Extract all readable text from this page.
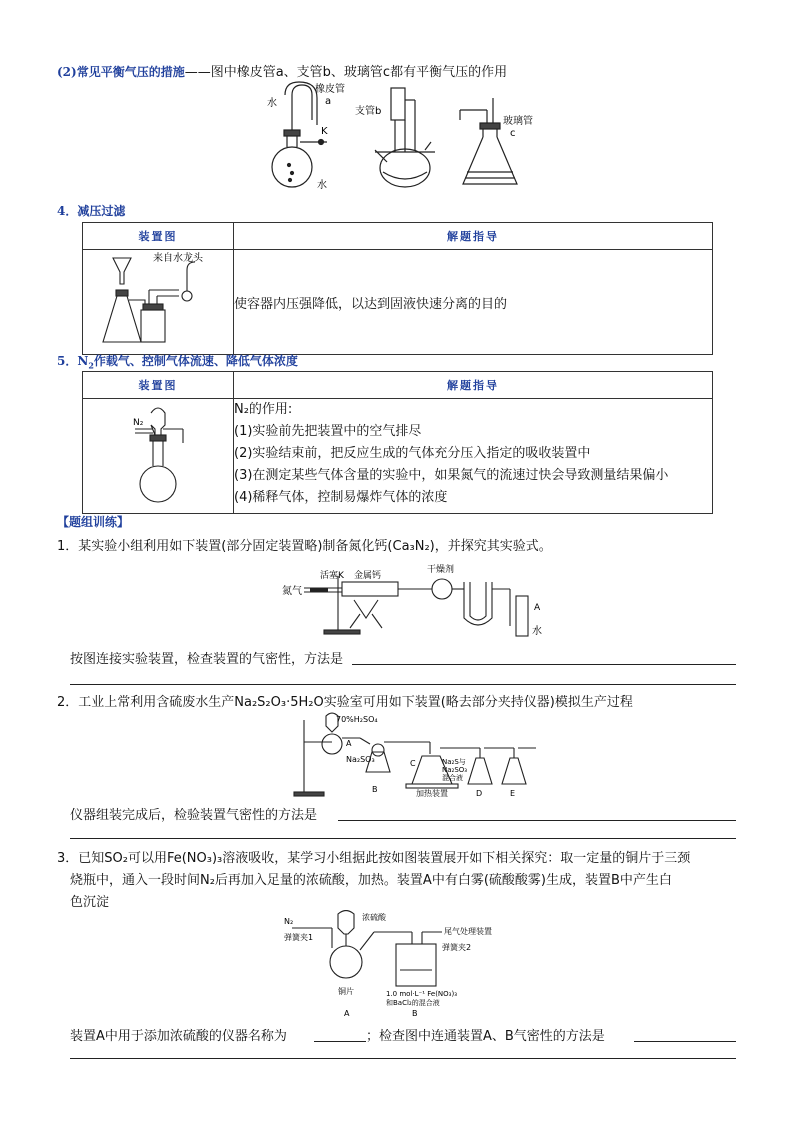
(2)常见平衡气压的措施——图中橡皮管a、支管b、玻璃管c都有平衡气压的作用
水
橡皮管
a
K
水
支管b
玻璃管
c
4．减压过滤
装置图	解题指导

来自水龙头	使容器内压强降低，以达到固液快速分离的目的
5．$N_2$作载气、控制气体流速、降低气体浓度
装置图	解题指导

N₂	N₂的作用:
(1)实验前先把装置中的空气排尽
(2)实验结束前，把反应生成的气体充分压入指定的吸收装置中
(3)在测定某些气体含量的实验中，如果氮气的流速过快会导致测量结果偏小
(4)稀释气体，控制易爆炸气体的浓度
【题组训练】
1．某实验小组利用如下装置(部分固定装置略)制备氮化钙(Ca₃N₂)，并探究其实验式。
氮气
活塞K 金属钙
干燥剂
A
水
按图连接实验装置，检查装置的气密性，方法是
2．工业上常利用含硫废水生产Na₂S₂O₃·5H₂O实验室可用如下装置(略去部分夹持仪器)模拟生产过程
70%H₂SO₄
A
Na₂SO₃
B
C
加热装置
Na₂S与
Na₂SO₃
混合液
D	E
仪器组装完成后，检验装置气密性的方法是
3．已知SO₂可以用Fe(NO₃)₃溶液吸收，某学习小组据此按如图装置展开如下相关探究：取一定量的铜片于三颈
烧瓶中，通入一段时间N₂后再加入足量的浓硫酸，加热。装置A中有白雾(硫酸酸雾)生成，装置B中产生白
色沉淀
N₂
弹簧夹1
浓硫酸
尾气处理装置
弹簧夹2
铜片	1.0 mol·L⁻¹ Fe(NO₃)₃
和BaCl₂的混合液
A	B
装置A中用于添加浓硫酸的仪器名称为	；检查图中连通装置A、B气密性的方法是
